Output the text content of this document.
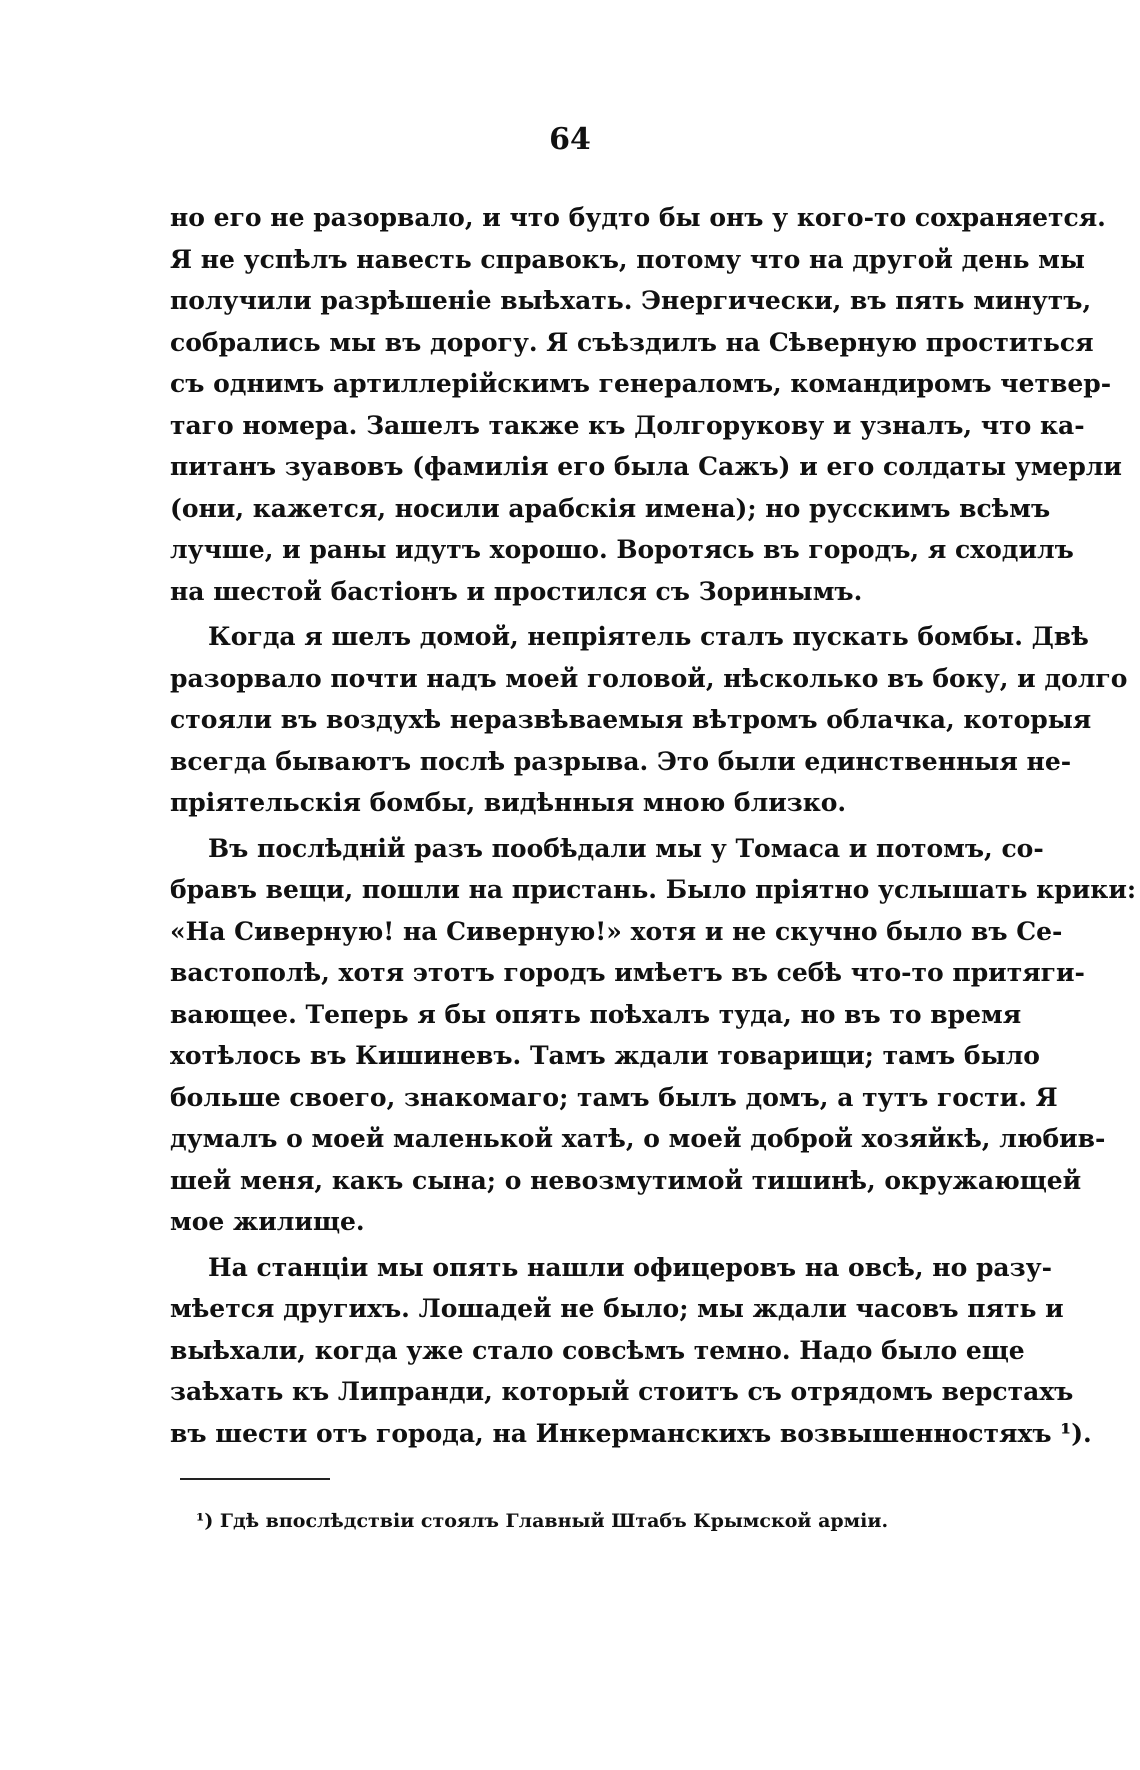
64
но его не разорвало, и что будто бы онъ у кого-то сохраняется.
Я не успѣлъ навесть справокъ, потому что на другой день мы
получили разрѣшеніе выѣхать. Энергически, въ пять минутъ,
собрались мы въ дорогу. Я съѣздилъ на Сѣверную проститься
съ однимъ артиллерійскимъ генераломъ, командиромъ четвер-
таго номера. Зашелъ также къ Долгорукову и узналъ, что ка-
питанъ зуавовъ (фамилія его была Сажъ) и его солдаты умерли
(они, кажется, носили арабскія имена); но русскимъ всѣмъ
лучше, и раны идутъ хорошо. Воротясь въ городъ, я сходилъ
на шестой бастіонъ и простился съ Зоринымъ.
Когда я шелъ домой, непріятель сталъ пускать бомбы. Двѣ
разорвало почти надъ моей головой, нѣсколько въ боку, и долго
стояли въ воздухѣ неразвѣваемыя вѣтромъ облачка, которыя
всегда бываютъ послѣ разрыва. Это были единственныя не-
пріятельскія бомбы, видѣнныя мною близко.
Въ послѣдній разъ пообѣдали мы у Томаса и потомъ, со-
бравъ вещи, пошли на пристань. Было пріятно услышать крики:
«На Сиверную! на Сиверную!» хотя и не скучно было въ Се-
вастополѣ, хотя этотъ городъ имѣетъ въ себѣ что-то притяги-
вающее. Теперь я бы опять поѣхалъ туда, но въ то время
хотѣлось въ Кишиневъ. Тамъ ждали товарищи; тамъ было
больше своего, знакомаго; тамъ былъ домъ, а тутъ гости. Я
думалъ о моей маленькой хатѣ, о моей доброй хозяйкѣ, любив-
шей меня, какъ сына; о невозмутимой тишинѣ, окружающей
мое жилище.
На станціи мы опять нашли офицеровъ на овсѣ, но разу-
мѣется другихъ. Лошадей не было; мы ждали часовъ пять и
выѣхали, когда уже стало совсѣмъ темно. Надо было еще
заѣхать къ Липранди, который стоитъ съ отрядомъ верстахъ
въ шести отъ города, на Инкерманскихъ возвышенностяхъ ¹).
¹) Гдѣ впослѣдствіи стоялъ Главный Штабъ Крымской арміи.
